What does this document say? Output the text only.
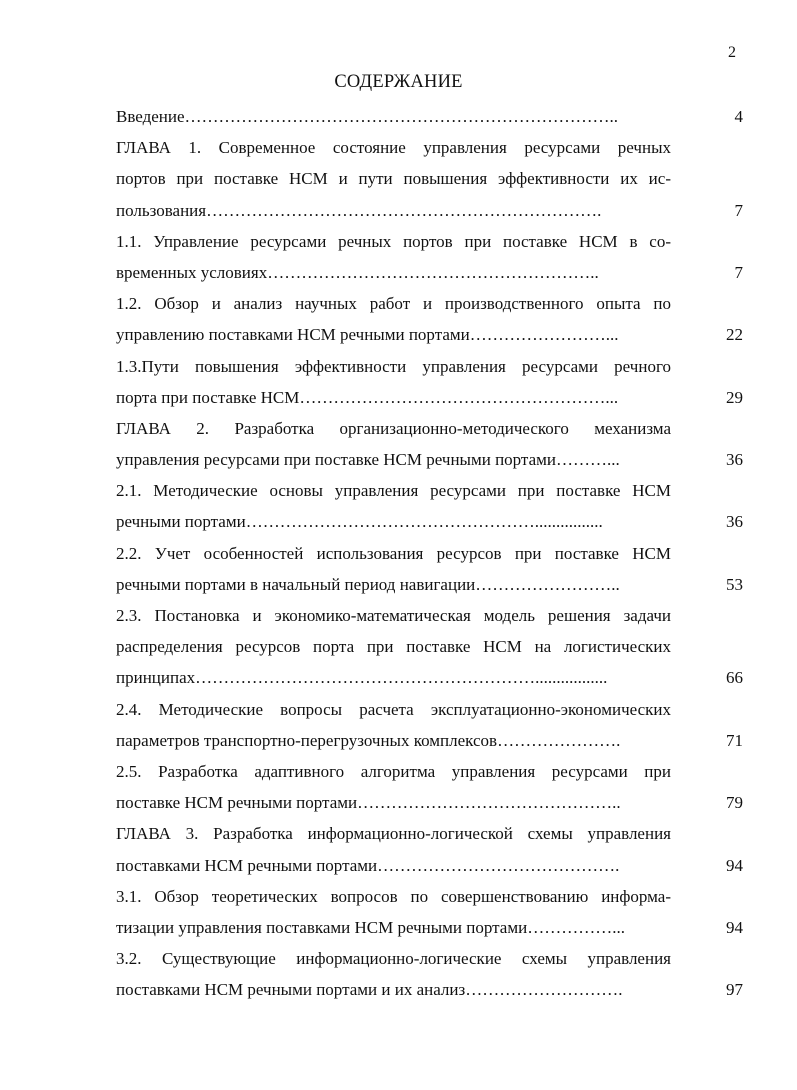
2
СОДЕРЖАНИЕ
Введение…………………………………………………………………..	4
ГЛАВА 1. Современное состояние управления ресурсами речных
портов при поставке НСМ и пути повышения эффективности их ис-
пользования…………………………………………………………….	7
1.1. Управление ресурсами речных портов при поставке НСМ в со-
временных условиях…………………………………………………..	7
1.2. Обзор и анализ научных работ и производственного опыта по
управлению поставками НСМ речными портами……………………...	22
1.3.Пути повышения эффективности управления ресурсами речного
порта при поставке НСМ………………………………………………...	29
ГЛАВА 2. Разработка организационно-методического механизма
управления ресурсами при поставке НСМ речными портами………...	36
2.1. Методические основы управления ресурсами при поставке НСМ
речными портами……………………………………………................	36
2.2. Учет особенностей использования ресурсов при поставке НСМ
речными портами в начальный период навигации……………………..	53
2.3. Постановка и экономико-математическая модель решения задачи
распределения ресурсов порта при поставке НСМ на логистических
принципах…………………………………………………….................	66
2.4. Методические вопросы расчета эксплуатационно-экономических
параметров транспортно-перегрузочных комплексов………………….	71
2.5. Разработка адаптивного алгоритма управления ресурсами при
поставке НСМ речными портами………………………………………..	79
ГЛАВА 3. Разработка информационно-логической схемы управления
поставками НСМ речными портами…………………………………….	94
3.1. Обзор теоретических вопросов по совершенствованию информа-
тизации управления поставками НСМ речными портами……………...	94
3.2. Существующие информационно-логические схемы управления
поставками НСМ речными портами и их анализ……………………….	97
